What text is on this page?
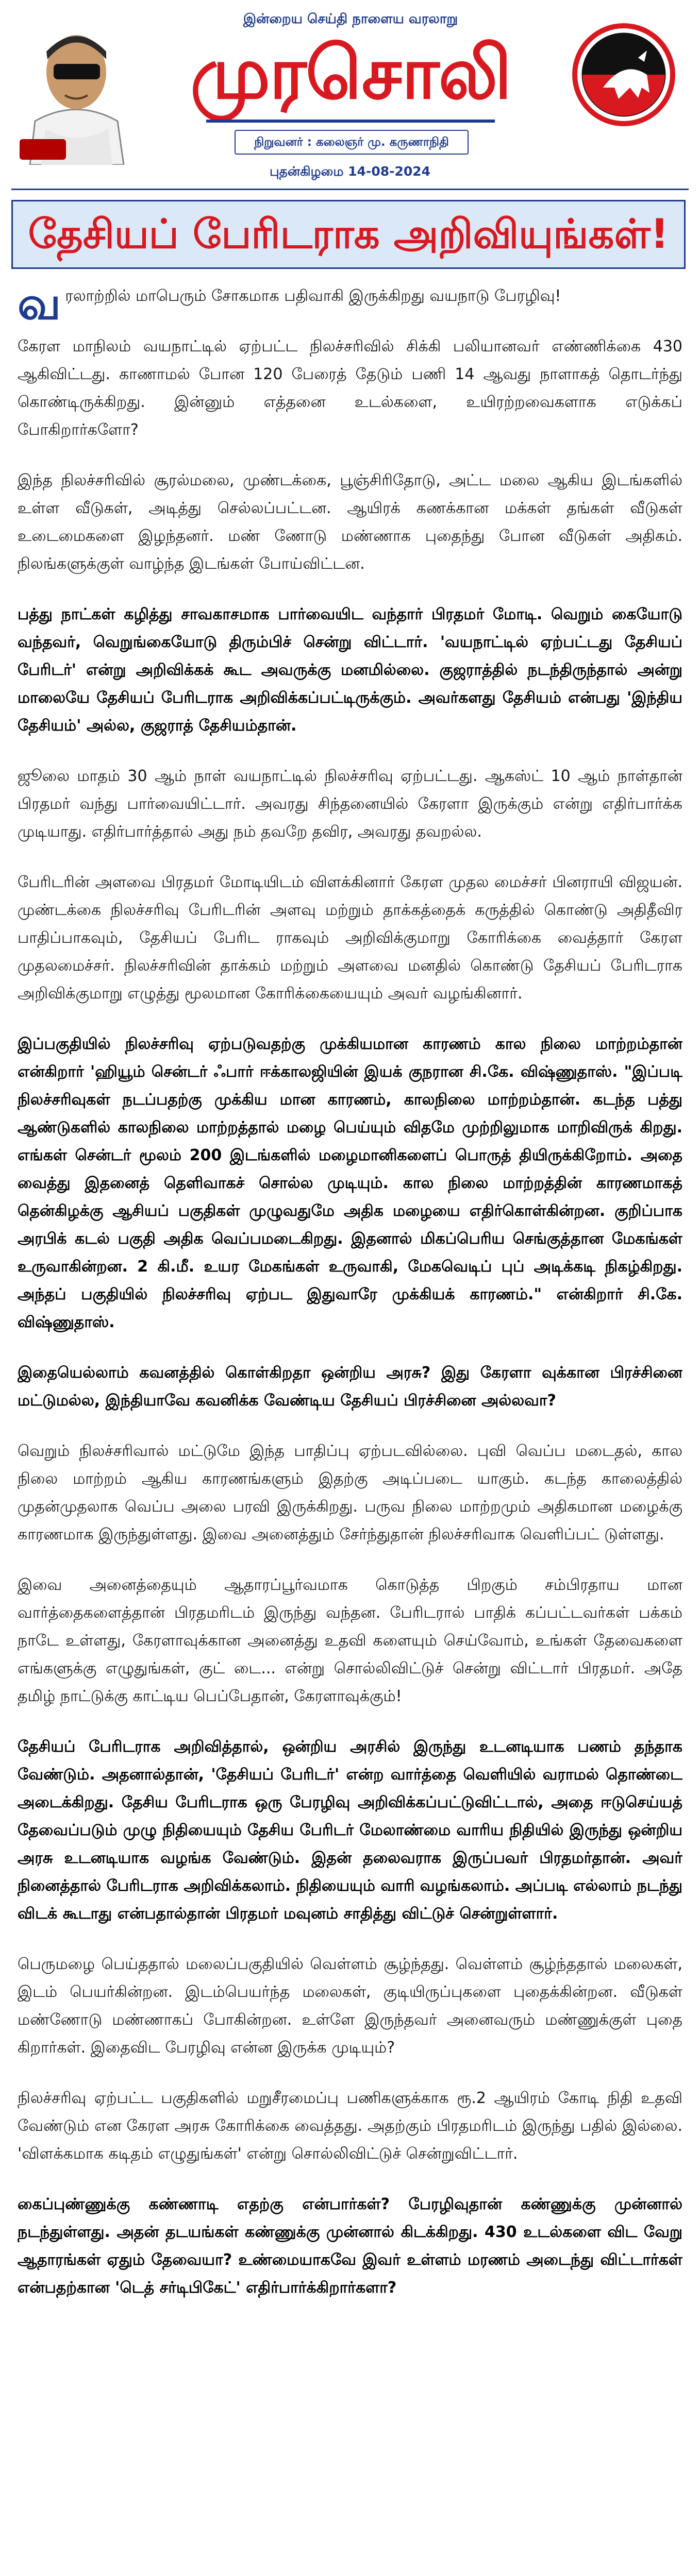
இன்றைய செய்தி நாளைய வரலாறு
முரசொலி
நிறுவனர் : கலைஞர் மு. கருணாநிதி
புதன்கிழமை 14-08-2024
தேசியப் பேரிடராக அறிவியுங்கள்!

வரலாற்றில் மாபெரும் சோகமாக பதிவாகி இருக்கிறது வயநாடு பேரழிவு!

கேரள மாநிலம் வயநாட்டில் ஏற்பட்ட நிலச்சரிவில் சிக்கி பலியானவர் எண்ணிக்கை 430 ஆகிவிட்டது. காணாமல் போன 120 பேரைத் தேடும் பணி 14 ஆவது நாளாகத் தொடர்ந்து கொண்டிருக்கிறது. இன்னும் எத்தனை உடல்களை, உயிரற்றவைகளாக எடுக்கப் போகிறார்களோ?

இந்த நிலச்சரிவில் சூரல்மலை, முண்டக்கை, பூஞ்சிரிதோடு, அட்ட மலை ஆகிய இடங்களில் உள்ள வீடுகள், அடித்து செல்லப்பட்டன. ஆயிரக் கணக்கான மக்கள் தங்கள் வீடுகள் உடைமைகளை இழந்தனர். மண் ணோடு மண்ணாக புதைந்து போன வீடுகள் அதிகம். நிலங்களுக்குள் வாழ்ந்த இடங்கள் போய்விட்டன.

பத்து நாட்கள் கழித்து சாவகாசமாக பார்வையிட வந்தார் பிரதமர் மோடி. வெறும் கையோடு வந்தவர், வெறுங்கையோடு திரும்பிச் சென்று விட்டார். 'வயநாட்டில் ஏற்பட்டது தேசியப் பேரிடர்' என்று அறிவிக்கக் கூட அவருக்கு மனமில்லை. குஜராத்தில் நடந்திருந்தால் அன்று மாலையே தேசியப் பேரிடராக அறிவிக்கப்பட்டிருக்கும். அவர்களது தேசியம் என்பது 'இந்திய தேசியம்' அல்ல, குஜராத் தேசியம்தான்.

ஜூலை மாதம் 30 ஆம் நாள் வயநாட்டில் நிலச்சரிவு ஏற்பட்டது. ஆகஸ்ட் 10 ஆம் நாள்தான் பிரதமர் வந்து பார்வையிட்டார். அவரது சிந்தனையில் கேரளா இருக்கும் என்று எதிர்பார்க்க முடியாது. எதிர்பார்த்தால் அது நம் தவறே தவிர, அவரது தவறல்ல.

பேரிடரின் அளவை பிரதமர் மோடியிடம் விளக்கினார் கேரள முதல மைச்சர் பினராயி விஜயன். முண்டக்கை நிலச்சரிவு பேரிடரின் அளவு மற்றும் தாக்கத்தைக் கருத்தில் கொண்டு அதிதீவிர பாதிப்பாகவும், தேசியப் பேரிட ராகவும் அறிவிக்குமாறு கோரிக்கை வைத்தார் கேரள முதலமைச்சர். நிலச்சரிவின் தாக்கம் மற்றும் அளவை மனதில் கொண்டு தேசியப் பேரிடராக அறிவிக்குமாறு எழுத்து மூலமான கோரிக்கையையும் அவர் வழங்கினார்.

இப்பகுதியில் நிலச்சரிவு ஏற்படுவதற்கு முக்கியமான காரணம் கால நிலை மாற்றம்தான் என்கிறார் 'ஹியூம் சென்டர் ஃபார் ஈக்காலஜியின் இயக் குநரான சி.கே. விஷ்ணுதாஸ். "இப்படி நிலச்சரிவுகள் நடப்பதற்கு முக்கிய மான காரணம், காலநிலை மாற்றம்தான். கடந்த பத்து ஆண்டுகளில் காலநிலை மாற்றத்தால் மழை பெய்யும் விதமே முற்றிலுமாக மாறிவிருக் கிறது. எங்கள் சென்டர் மூலம் 200 இடங்களில் மழைமானிகளைப் பொருத் தியிருக்கிறோம். அதை வைத்து இதனைத் தெளிவாகச் சொல்ல முடியும். கால நிலை மாற்றத்தின் காரணமாகத் தென்கிழக்கு ஆசியப் பகுதிகள் முழுவதுமே அதிக மழையை எதிர்கொள்கின்றன. குறிப்பாக அரபிக் கடல் பகுதி அதிக வெப்பமடைகிறது. இதனால் மிகப்பெரிய செங்குத்தான மேகங்கள் உருவாகின்றன. 2 கி.மீ. உயர மேகங்கள் உருவாகி, மேகவெடிப் புப் அடிக்கடி நிகழ்கிறது. அந்தப் பகுதியில் நிலச்சரிவு ஏற்பட இதுவாரே முக்கியக் காரணம்." என்கிறார் சி.கே. விஷ்ணுதாஸ்.

இதையெல்லாம் கவனத்தில் கொள்கிறதா ஒன்றிய அரசு? இது கேரளா வுக்கான பிரச்சினை மட்டுமல்ல, இந்தியாவே கவனிக்க வேண்டிய தேசியப் பிரச்சினை அல்லவா?

வெறும் நிலச்சரிவால் மட்டுமே இந்த பாதிப்பு ஏற்படவில்லை. புவி வெப்ப மடைதல், கால நிலை மாற்றம் ஆகிய காரணங்களும் இதற்கு அடிப்படை யாகும். கடந்த காலைத்தில் முதன்முதலாக வெப்ப அலை பரவி இருக்கிறது. பருவ நிலை மாற்றமும் அதிகமான மழைக்கு காரணமாக இருந்துள்ளது. இவை அனைத்தும் சேர்ந்துதான் நிலச்சரிவாக வெளிப்பட் டுள்ளது.

இவை அனைத்தையும் ஆதாரப்பூர்வமாக கொடுத்த பிறகும் சம்பிரதாய மான வார்த்தைகளைத்தான் பிரதமரிடம் இருந்து வந்தன. பேரிடரால் பாதிக் கப்பட்டவர்கள் பக்கம் நாடே உள்ளது, கேரளாவுக்கான அனைத்து உதவி களையும் செய்வோம், உங்கள் தேவைகளை எங்களுக்கு எழுதுங்கள், குட் டை... என்று சொல்லிவிட்டுச் சென்று விட்டார் பிரதமர். அதே தமிழ் நாட்டுக்கு காட்டிய பெப்பேதான், கேரளாவுக்கும்!

தேசியப் பேரிடராக அறிவித்தால், ஒன்றிய அரசில் இருந்து உடனடியாக பணம் தந்தாக வேண்டும். அதனால்தான், 'தேசியப் பேரிடர்' என்ற வார்த்தை வெளியில் வராமல் தொண்டை அடைக்கிறது. தேசிய பேரிடராக ஒரு பேரழிவு அறிவிக்கப்பட்டுவிட்டால், அதை ஈடுசெய்யத் தேவைப்படும் முழு நிதியையும் தேசிய பேரிடர் மேலாண்மை வாரிய நிதியில் இருந்து ஒன்றிய அரசு உடனடியாக வழங்க வேண்டும். இதன் தலைவராக இருப்பவர் பிரதமர்தான். அவர் நினைத்தால் பேரிடராக அறிவிக்கலாம். நிதியையும் வாரி வழங்கலாம். அப்படி எல்லாம் நடந்து விடக் கூடாது என்பதால்தான் பிரதமர் மவுனம் சாதித்து விட்டுச் சென்றுள்ளார்.

பெருமழை பெய்ததால் மலைப்பகுதியில் வெள்ளம் சூழ்ந்தது. வெள்ளம் சூழ்ந்ததால் மலைகள், இடம் பெயர்கின்றன. இடம்பெயர்ந்த மலைகள், குடியிருப்புகளை புதைக்கின்றன. வீடுகள் மண்ணோடு மண்ணாகப் போகின்றன. உள்ளே இருந்தவர் அனைவரும் மண்ணுக்குள் புதை கிறார்கள். இதைவிட பேரழிவு என்ன இருக்க முடியும்?

நிலச்சரிவு ஏற்பட்ட பகுதிகளில் மறுசீரமைப்பு பணிகளுக்காக ரூ.2 ஆயிரம் கோடி நிதி உதவி வேண்டும் என கேரள அரசு கோரிக்கை வைத்தது. அதற்கும் பிரதமரிடம் இருந்து பதில் இல்லை. 'விளக்கமாக கடிதம் எழுதுங்கள்' என்று சொல்லிவிட்டுச் சென்றுவிட்டார்.

கைப்புண்ணுக்கு கண்ணாடி எதற்கு என்பார்கள்? பேரழிவுதான் கண்ணுக்கு முன்னால் நடந்துள்ளது. அதன் தடயங்கள் கண்ணுக்கு முன்னால் கிடக்கிறது. 430 உடல்களை விட வேறு ஆதாரங்கள் ஏதும் தேவையா? உண்மையாகவே இவர் உள்ளம் மரணம் அடைந்து விட்டார்கள் என்பதற்கான 'டெத் சர்டிபிகேட்' எதிர்பார்க்கிறார்களா?
